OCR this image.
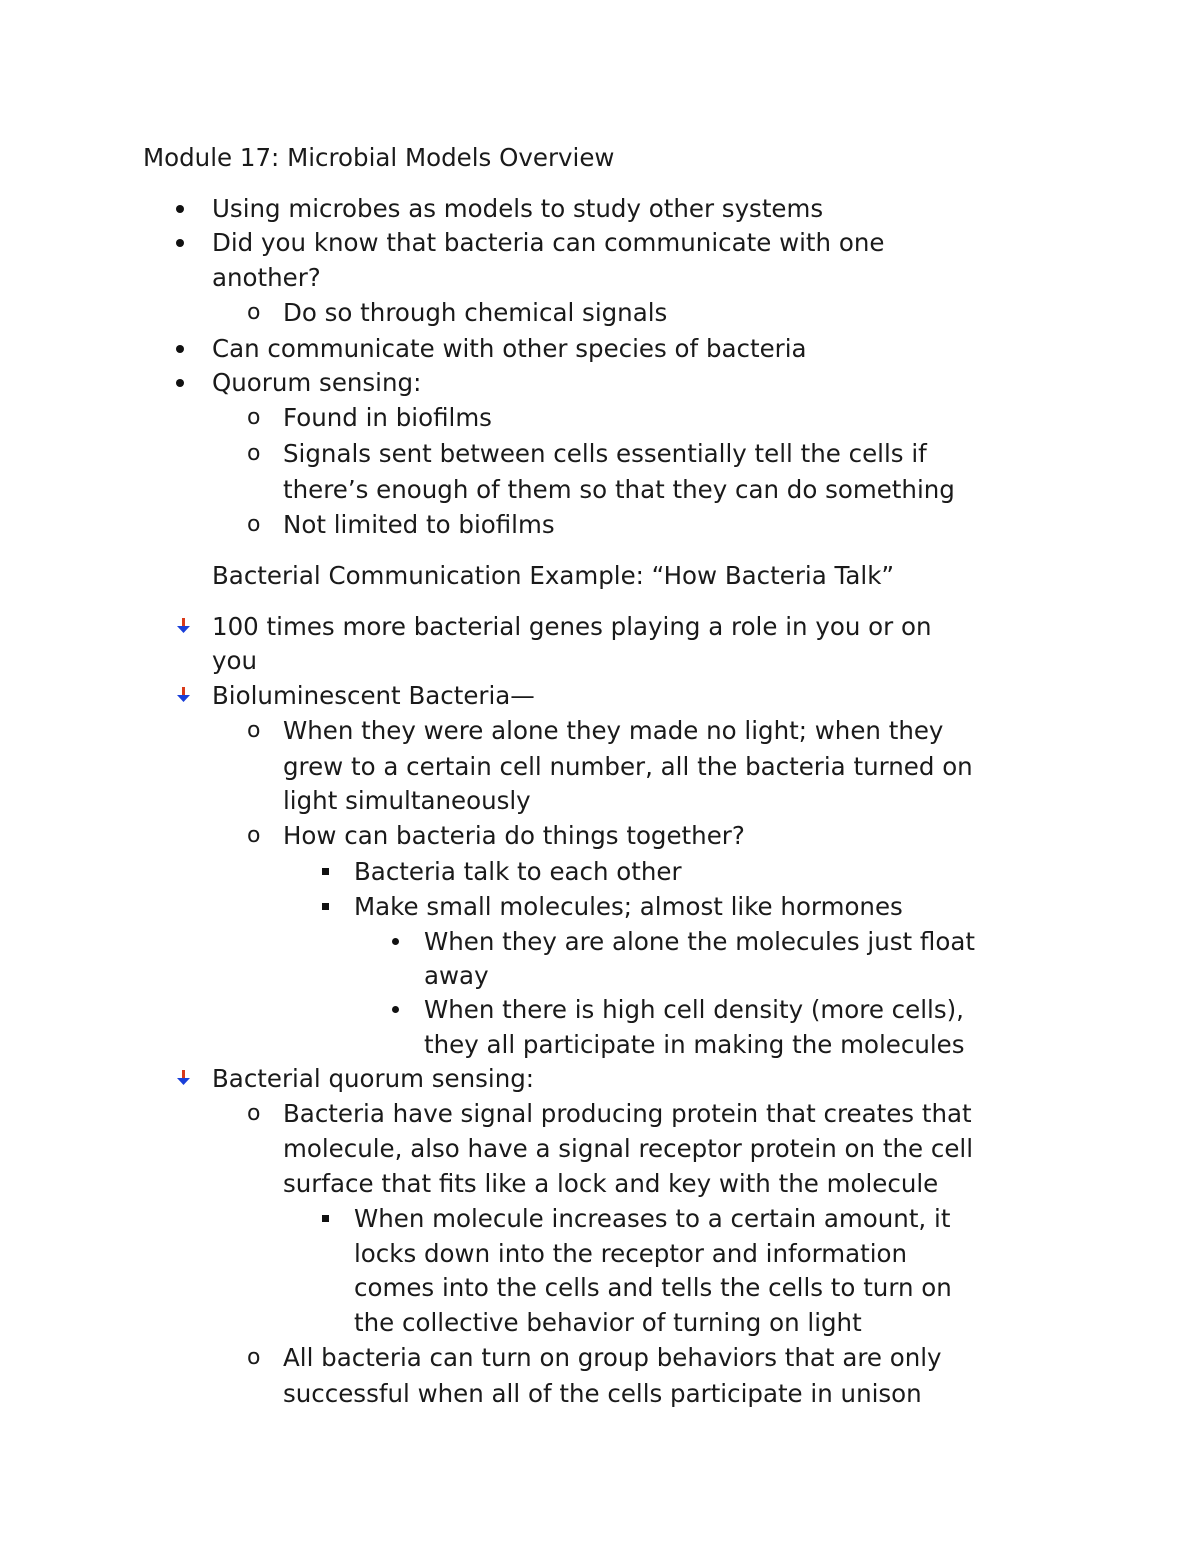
Module 17: Microbial Models Overview
Using microbes as models to study other systems
Did you know that bacteria can communicate with one
another?
o Do so through chemical signals
Can communicate with other species of bacteria
Quorum sensing:
o Found in biofilms
o Signals sent between cells essentially tell the cells if
there’s enough of them so that they can do something
o Not limited to biofilms
Bacterial Communication Example: “How Bacteria Talk”
100 times more bacterial genes playing a role in you or on
you
Bioluminescent Bacteria—
o When they were alone they made no light; when they
grew to a certain cell number, all the bacteria turned on
light simultaneously
o How can bacteria do things together?
Bacteria talk to each other
Make small molecules; almost like hormones
When they are alone the molecules just float
away
When there is high cell density (more cells),
they all participate in making the molecules
Bacterial quorum sensing:
o Bacteria have signal producing protein that creates that
molecule, also have a signal receptor protein on the cell
surface that fits like a lock and key with the molecule
When molecule increases to a certain amount, it
locks down into the receptor and information
comes into the cells and tells the cells to turn on
the collective behavior of turning on light
o All bacteria can turn on group behaviors that are only
successful when all of the cells participate in unison
